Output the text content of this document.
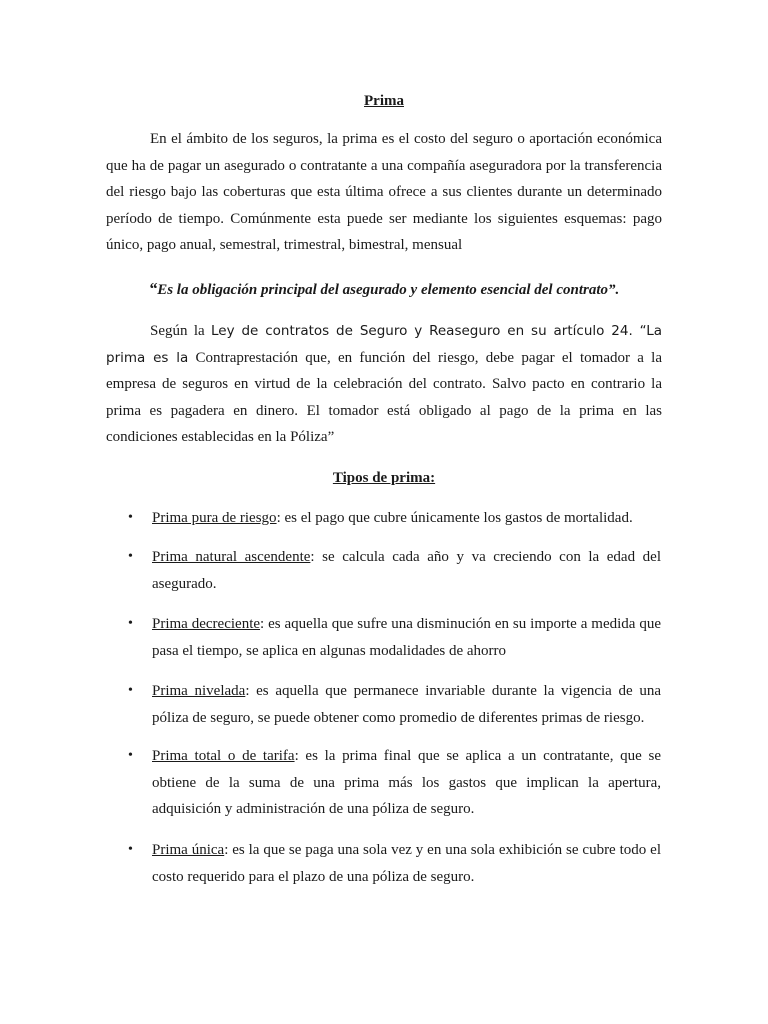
Prima

En el ámbito de los seguros, la prima es el costo del seguro o aportación económica que ha de pagar un asegurado o contratante a una compañía aseguradora por la transferencia del riesgo bajo las coberturas que esta última ofrece a sus clientes durante un determinado período de tiempo. Comúnmente esta puede ser mediante los siguientes esquemas: pago único, pago anual, semestral, trimestral, bimestral, mensual

“Es la obligación principal del asegurado y elemento esencial del contrato”.

Según la Ley de contratos de Seguro y Reaseguro en su artículo 24. “La prima es la Contraprestación que, en función del riesgo, debe pagar el tomador a la empresa de seguros en virtud de la celebración del contrato. Salvo pacto en contrario la prima es pagadera en dinero. El tomador está obligado al pago de la prima en las condiciones establecidas en la Póliza”

Tipos de prima:
• Prima pura de riesgo: es el pago que cubre únicamente los gastos de mortalidad.
• Prima natural ascendente: se calcula cada año y va creciendo con la edad del asegurado.
• Prima decreciente: es aquella que sufre una disminución en su importe a medida que pasa el tiempo, se aplica en algunas modalidades de ahorro
• Prima nivelada: es aquella que permanece invariable durante la vigencia de una póliza de seguro, se puede obtener como promedio de diferentes primas de riesgo.
• Prima total o de tarifa: es la prima final que se aplica a un contratante, que se obtiene de la suma de una prima más los gastos que implican la apertura, adquisición y administración de una póliza de seguro.
• Prima única: es la que se paga una sola vez y en una sola exhibición se cubre todo el costo requerido para el plazo de una póliza de seguro.
